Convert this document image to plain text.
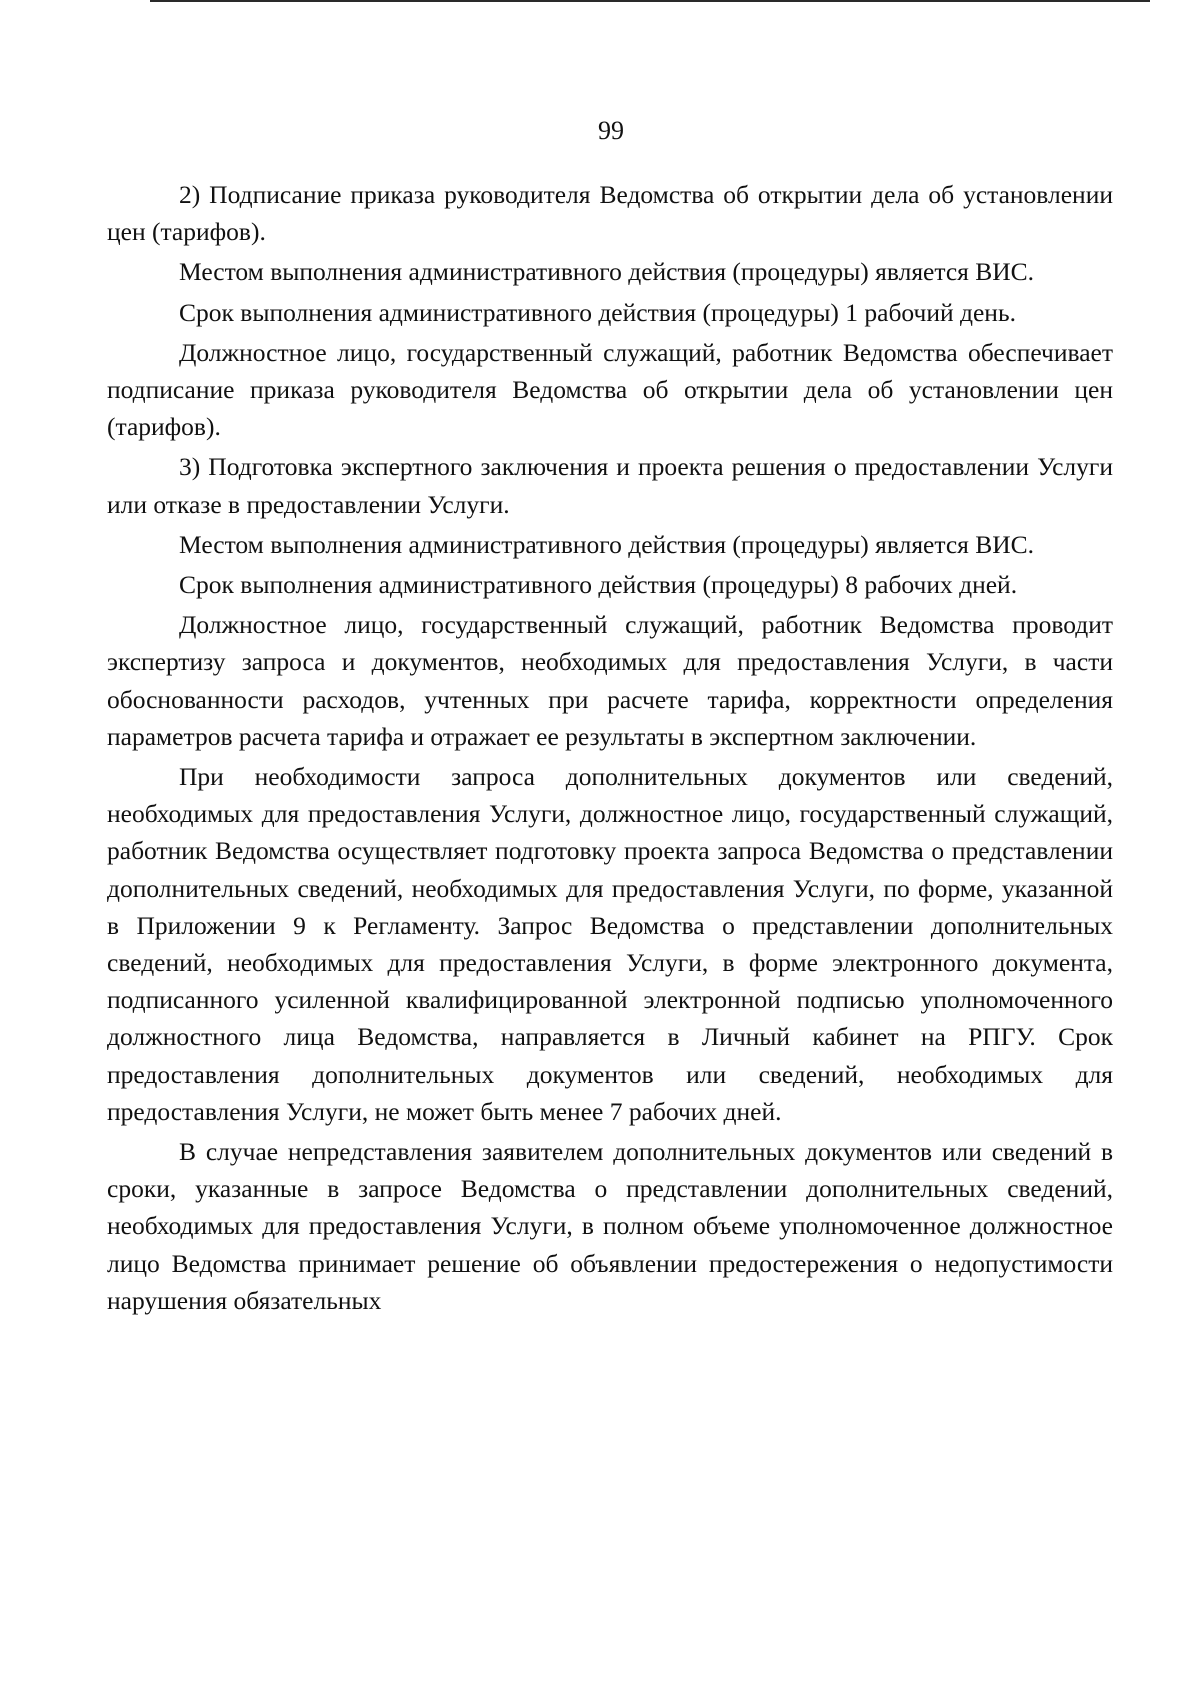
99

2) Подписание приказа руководителя Ведомства об открытии дела об установлении цен (тарифов).

Местом выполнения административного действия (процедуры) является ВИС.

Срок выполнения административного действия (процедуры) 1 рабочий день.

Должностное лицо, государственный служащий, работник Ведомства обеспечивает подписание приказа руководителя Ведомства об открытии дела об установлении цен (тарифов).

3) Подготовка экспертного заключения и проекта решения о предоставлении Услуги или отказе в предоставлении Услуги.

Местом выполнения административного действия (процедуры) является ВИС.

Срок выполнения административного действия (процедуры) 8 рабочих дней.

Должностное лицо, государственный служащий, работник Ведомства проводит экспертизу запроса и документов, необходимых для предоставления Услуги, в части обоснованности расходов, учтенных при расчете тарифа, корректности определения параметров расчета тарифа и отражает ее результаты в экспертном заключении.

При необходимости запроса дополнительных документов или сведений, необходимых для предоставления Услуги, должностное лицо, государственный служащий, работник Ведомства осуществляет подготовку проекта запроса Ведомства о представлении дополнительных сведений, необходимых для предоставления Услуги, по форме, указанной в Приложении 9 к Регламенту. Запрос Ведомства о представлении дополнительных сведений, необходимых для предоставления Услуги, в форме электронного документа, подписанного усиленной квалифицированной электронной подписью уполномоченного должностного лица Ведомства, направляется в Личный кабинет на РПГУ. Срок предоставления дополнительных документов или сведений, необходимых для предоставления Услуги, не может быть менее 7 рабочих дней.

В случае непредставления заявителем дополнительных документов или сведений в сроки, указанные в запросе Ведомства о представлении дополнительных сведений, необходимых для предоставления Услуги, в полном объеме уполномоченное должностное лицо Ведомства принимает решение об объявлении предостережения о недопустимости нарушения обязательных
